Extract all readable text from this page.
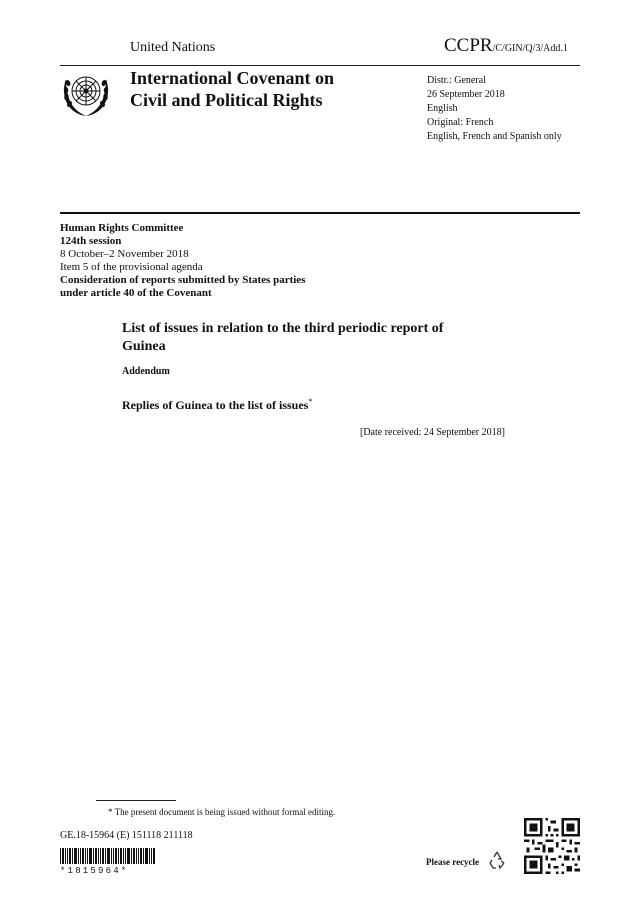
United Nations	CCPR/C/GIN/Q/3/Add.1
International Covenant on
Civil and Political Rights
Distr.: General
26 September 2018
English
Original: French
English, French and Spanish only
Human Rights Committee
124th session
8 October–2 November 2018
Item 5 of the provisional agenda
Consideration of reports submitted by States parties
under article 40 of the Covenant
List of issues in relation to the third periodic report of
Guinea
Addendum
Replies of Guinea to the list of issues*
[Date received: 24 September 2018]
* The present document is being issued without formal editing.
GE.18-15964 (E) 151118 211118
*1815964*
Please recycle
